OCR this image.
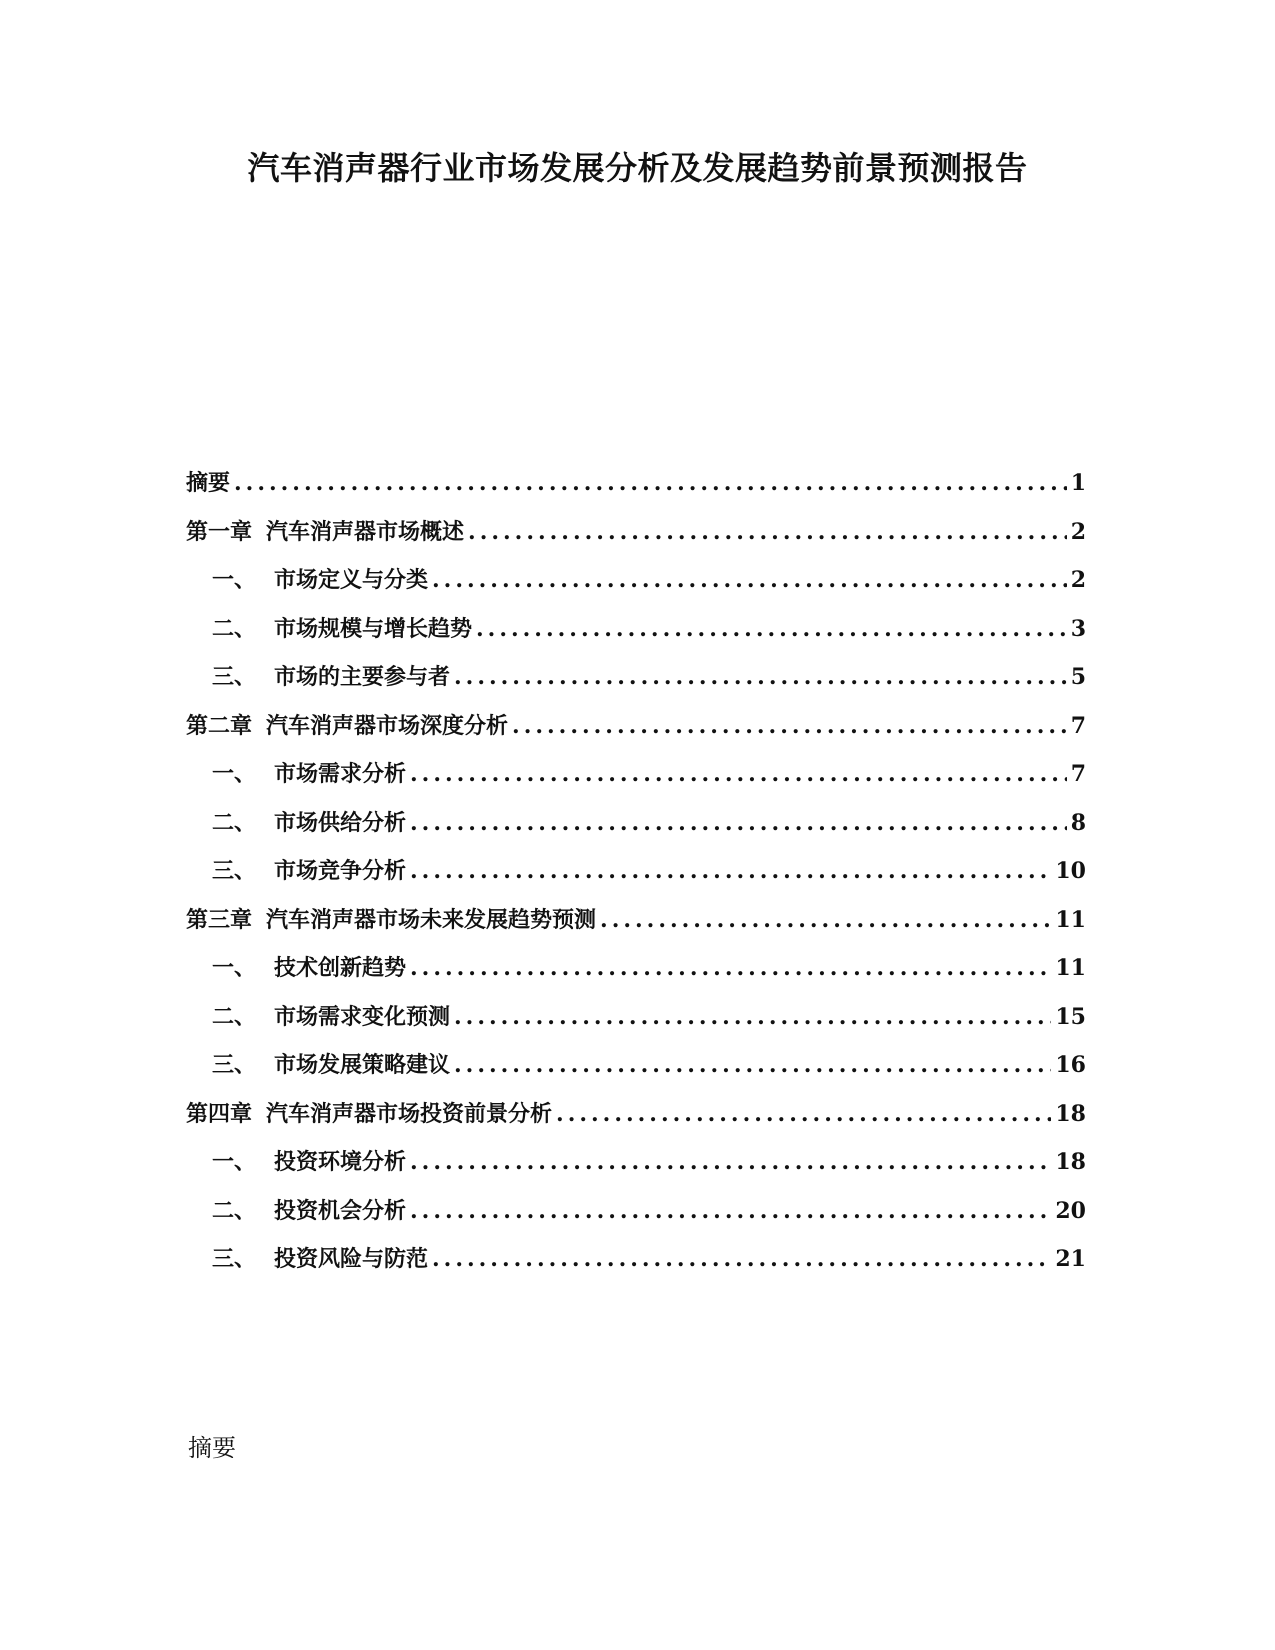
汽车消声器行业市场发展分析及发展趋势前景预测报告
摘要 .....	1
第一章 汽车消声器市场概述 .....	2
一、 市场定义与分类 .....	2
二、 市场规模与增长趋势 .....	3
三、 市场的主要参与者 .....	5
第二章 汽车消声器市场深度分析 .....	7
一、 市场需求分析 .....	7
二、 市场供给分析 .....	8
三、 市场竞争分析 .....	10
第三章 汽车消声器市场未来发展趋势预测 .....	11
一、 技术创新趋势 .....	11
二、 市场需求变化预测 .....	15
三、 市场发展策略建议 .....	16
第四章 汽车消声器市场投资前景分析 .....	18
一、 投资环境分析 .....	18
二、 投资机会分析 .....	20
三、 投资风险与防范 .....	21
摘要
